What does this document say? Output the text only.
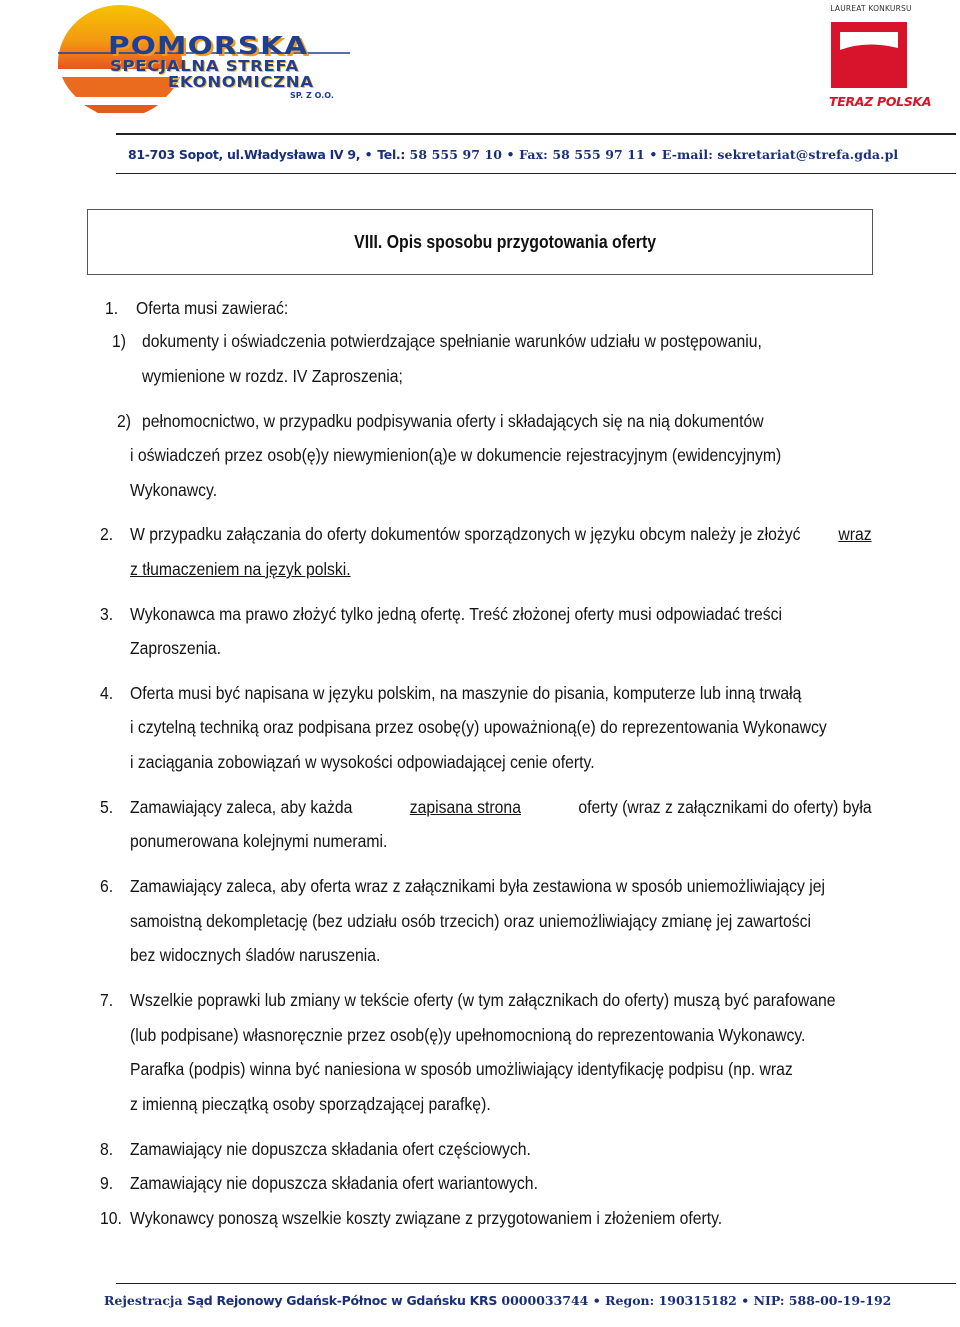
POMORSKA
SPECJALNA STREFA
EKONOMICZNA
SP. Z O.O.
LAUREAT KONKURSU
TERAZ POLSKA
81-703 Sopot, ul.Władysława IV 9, • Tel.: 58 555 97 10 • Fax: 58 555 97 11 • E-mail: sekretariat@strefa.gda.pl
VIII. Opis sposobu przygotowania oferty
1. Oferta musi zawierać:
1) dokumenty i oświadczenia potwierdzające spełnianie warunków udziału w postępowaniu,
wymienione w rozdz. IV Zaproszenia;
2) pełnomocnictwo, w przypadku podpisywania oferty i składających się na nią dokumentów
i oświadczeń przez osob(ę)y niewymienion(ą)e w dokumencie rejestracyjnym (ewidencyjnym)
Wykonawcy.
2. W przypadku załączania do oferty dokumentów sporządzonych w języku obcym należy je złożyć wraz
z tłumaczeniem na język polski.
3. Wykonawca ma prawo złożyć tylko jedną ofertę. Treść złożonej oferty musi odpowiadać treści
Zaproszenia.
4. Oferta musi być napisana w języku polskim, na maszynie do pisania, komputerze lub inną trwałą
i czytelną techniką oraz podpisana przez osobę(y) upoważnioną(e) do reprezentowania Wykonawcy
i zaciągania zobowiązań w wysokości odpowiadającej cenie oferty.
5. Zamawiający zaleca, aby każda	zapisana strona	oferty (wraz z załącznikami do oferty) była
ponumerowana kolejnymi numerami.
6. Zamawiający zaleca, aby oferta wraz z załącznikami była zestawiona w sposób uniemożliwiający jej
samoistną dekompletację (bez udziału osób trzecich) oraz uniemożliwiający zmianę jej zawartości
bez widocznych śladów naruszenia.
7. Wszelkie poprawki lub zmiany w tekście oferty (w tym załącznikach do oferty) muszą być parafowane
(lub podpisane) własnoręcznie przez osob(ę)y upełnomocnioną do reprezentowania Wykonawcy.
Parafka (podpis) winna być naniesiona w sposób umożliwiający identyfikację podpisu (np. wraz
z imienną pieczątką osoby sporządzającej parafkę).
8. Zamawiający nie dopuszcza składania ofert częściowych.
9. Zamawiający nie dopuszcza składania ofert wariantowych.
10. Wykonawcy ponoszą wszelkie koszty związane z przygotowaniem i złożeniem oferty.
Rejestracja Sąd Rejonowy Gdańsk-Północ w Gdańsku KRS 0000033744 • Regon: 190315182 • NIP: 588-00-19-192
